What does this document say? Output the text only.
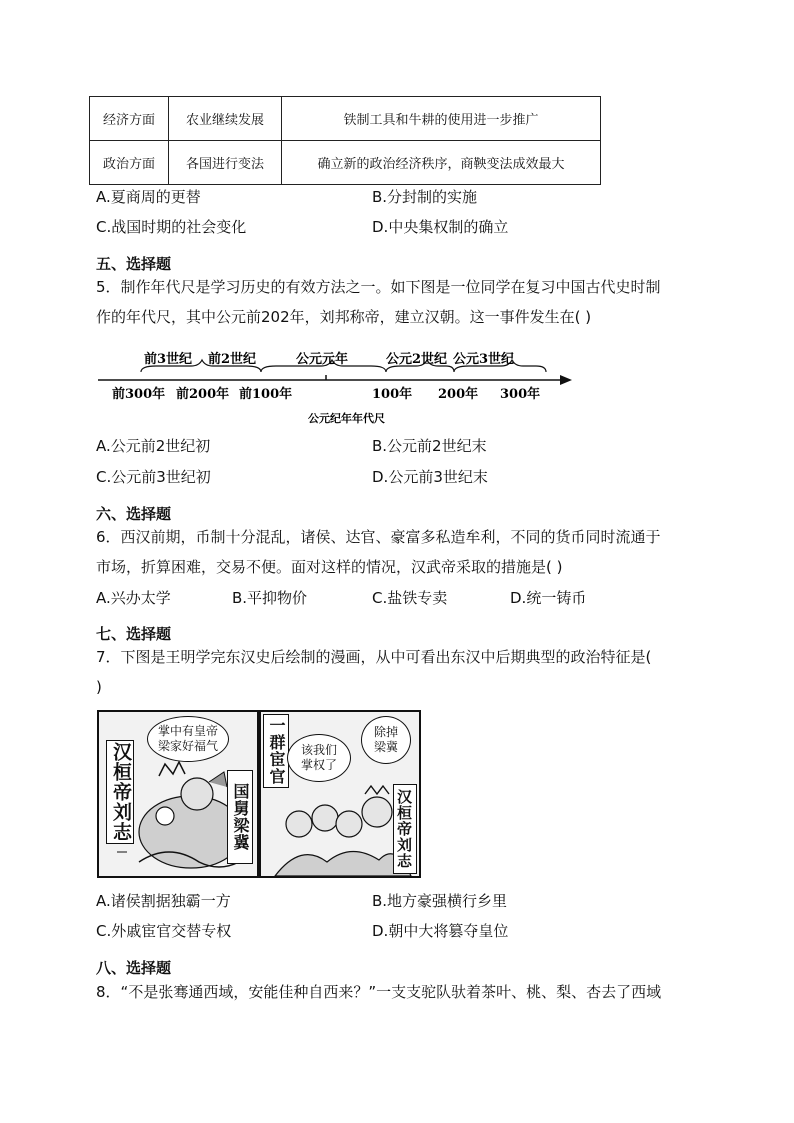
经济方面	农业继续发展	铁制工具和牛耕的使用进一步推广
政治方面	各国进行变法	确立新的政治经济秩序，商鞅变法成效最大
A.夏商周的更替	B.分封制的实施
C.战国时期的社会变化	D.中央集权制的确立
五、选择题
5．制作年代尺是学习历史的有效方法之一。如下图是一位同学在复习中国古代史时制
作的年代尺，其中公元前202年，刘邦称帝，建立汉朝。这一事件发生在( )
前3世纪 前2世纪	公元元年	公元2世纪 公元3世纪
前300年 前200年 前100年	100年 200年 300年
公元纪年年代尺
A.公元前2世纪初	B.公元前2世纪末
C.公元前3世纪初	D.公元前3世纪末
六、选择题
6．西汉前期，币制十分混乱，诸侯、达官、豪富多私造牟利，不同的货币同时流通于
市场，折算困难，交易不便。面对这样的情况，汉武帝采取的措施是( )
A.兴办太学	B.平抑物价	C.盐铁专卖	D.统一铸币
七、选择题
7．下图是王明学完东汉史后绘制的漫画，从中可看出东汉中后期典型的政治特征是(
)
汉桓帝刘志
掌中有皇帝 梁家好福气
国舅梁冀
一群宦官	该我们 掌权了
除掉 梁冀
汉桓帝刘志
A.诸侯割据独霸一方	B.地方豪强横行乡里
C.外戚宦官交替专权	D.朝中大将篡夺皇位
八、选择题
8．“不是张骞通西域，安能佳种自西来？”一支支驼队驮着茶叶、桃、梨、杏去了西域
